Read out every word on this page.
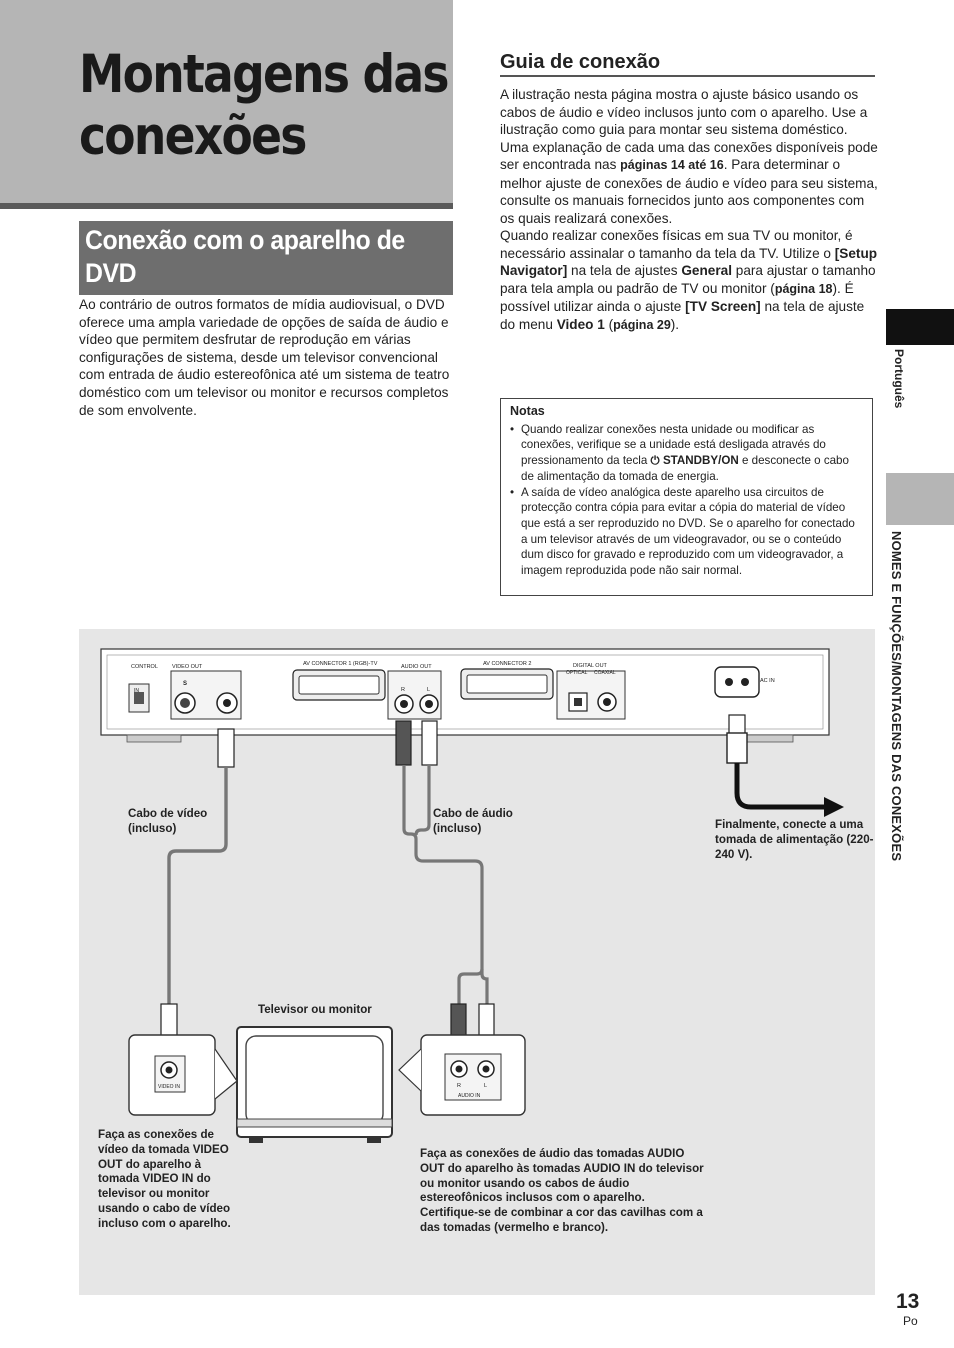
Montagens das conexões
Conexão com o aparelho de DVD

Ao contrário de outros formatos de mídia audiovisual, o DVD oferece uma ampla variedade de opções de saída de áudio e vídeo que permitem desfrutar de reprodução em várias configurações de sistema, desde um televisor convencional com entrada de áudio estereofônica até um sistema de teatro doméstico com um televisor ou monitor e recursos completos de som envolvente.

Guia de conexão

A ilustração nesta página mostra o ajuste básico usando os cabos de áudio e vídeo inclusos junto com o aparelho. Use a ilustração como guia para montar seu sistema doméstico.

Uma explanação de cada uma das conexões disponíveis pode ser encontrada nas páginas 14 até 16. Para determinar o melhor ajuste de conexões de áudio e vídeo para seu sistema, consulte os manuais fornecidos junto aos componentes com os quais realizará conexões.

Quando realizar conexões físicas em sua TV ou monitor, é necessário assinalar o tamanho da tela da TV. Utilize o [Setup Navigator] na tela de ajustes General para ajustar o tamanho para tela ampla ou padrão de TV ou monitor (página 18). É possível utilizar ainda o ajuste [TV Screen] na tela de ajuste do menu Video 1 (página 29).

Notas
• Quando realizar conexões nesta unidade ou modificar as conexões, verifique se a unidade está desligada através do pressionamento da tecla ⏻ STANDBY/ON e desconecte o cabo de alimentação da tomada de energia.
• A saída de vídeo analógica deste aparelho usa circuitos de protecção contra cópia para evitar a cópia do material de vídeo que está a ser reproduzido no DVD. Se o aparelho for conectado a um televisor através de um videogravador, ou se o conteúdo dum disco for gravado e reproduzido com um videogravador, a imagem reproduzida pode não sair normal.
Português
NOMES E FUNÇÕES/MONTAGENS DAS CONEXÕES
CONTROL
IN
VIDEO OUT
S
AV CONNECTOR 1 (RGB)-TV	AUDIO OUT
R	L
AV CONNECTOR 2	DIGITAL OUT
OPTICAL COAXIAL
AC IN
VIDEO IN	R	L
AUDIO IN

Cabo de vídeo (incluso)

Cabo de áudio (incluso)	Finalmente, conecte a uma tomada de alimentação (220-240 V).

Televisor ou monitor

Faça as conexões de vídeo da tomada VIDEO OUT do aparelho à tomada VIDEO IN do televisor ou monitor usando o cabo de vídeo incluso com o aparelho.

Faça as conexões de áudio das tomadas AUDIO OUT do aparelho às tomadas AUDIO IN do televisor ou monitor usando os cabos de áudio estereofônicos inclusos com o aparelho. Certifique-se de combinar a cor das cavilhas com a das tomadas (vermelho e branco).

13
Po
